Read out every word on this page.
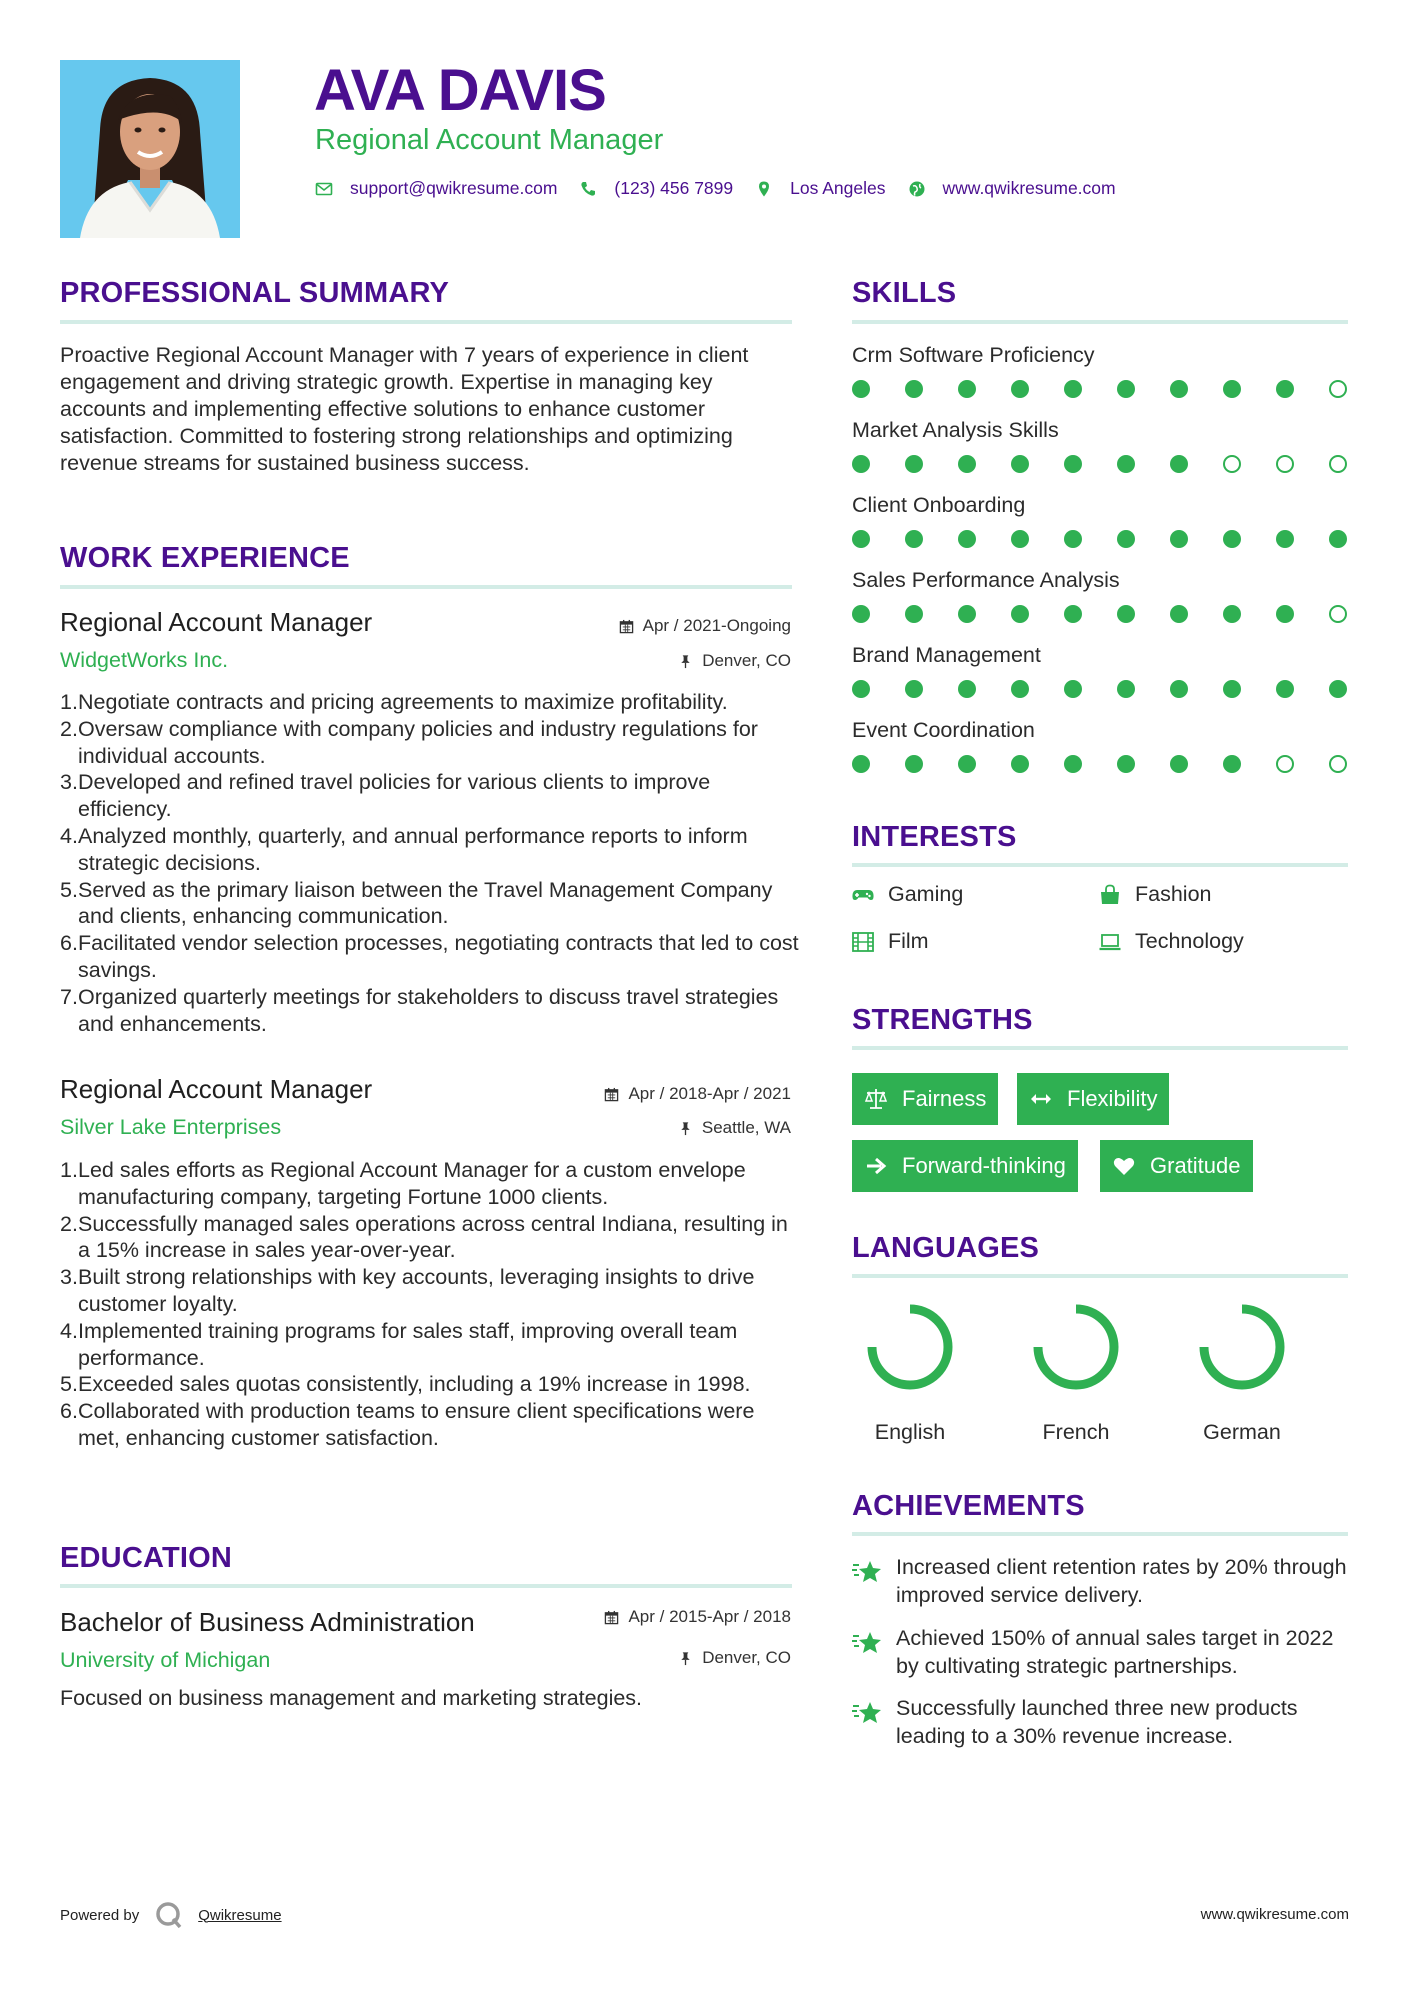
AVA DAVIS
Regional Account Manager
support@qwikresume.com	(123) 456 7899	Los Angeles	www.qwikresume.com
PROFESSIONAL SUMMARY
Proactive Regional Account Manager with 7 years of experience in client engagement and driving strategic growth. Expertise in managing key accounts and implementing effective solutions to enhance customer satisfaction. Committed to fostering strong relationships and optimizing revenue streams for sustained business success.
WORK EXPERIENCE
Regional Account Manager	Apr / 2021-Ongoing
WidgetWorks Inc.	Denver, CO
1. Negotiate contracts and pricing agreements to maximize profitability.
2. Oversaw compliance with company policies and industry regulations for individual accounts.
3. Developed and refined travel policies for various clients to improve efficiency.
4. Analyzed monthly, quarterly, and annual performance reports to inform strategic decisions.
5. Served as the primary liaison between the Travel Management Company and clients, enhancing communication.
6. Facilitated vendor selection processes, negotiating contracts that led to cost savings.
7. Organized quarterly meetings for stakeholders to discuss travel strategies and enhancements.
Regional Account Manager	Apr / 2018-Apr / 2021
Silver Lake Enterprises	Seattle, WA
1. Led sales efforts as Regional Account Manager for a custom envelope manufacturing company, targeting Fortune 1000 clients.
2. Successfully managed sales operations across central Indiana, resulting in a 15% increase in sales year-over-year.
3. Built strong relationships with key accounts, leveraging insights to drive customer loyalty.
4. Implemented training programs for sales staff, improving overall team performance.
5. Exceeded sales quotas consistently, including a 19% increase in 1998.
6. Collaborated with production teams to ensure client specifications were met, enhancing customer satisfaction.
EDUCATION
Bachelor of Business Administration	Apr / 2015-Apr / 2018
University of Michigan	Denver, CO
Focused on business management and marketing strategies.
SKILLS
Crm Software Proficiency
Market Analysis Skills
Client Onboarding
Sales Performance Analysis
Brand Management
Event Coordination
INTERESTS
Gaming	Fashion
Film	Technology
STRENGTHS
Fairness	Flexibility
Forward-thinking	Gratitude
LANGUAGES
English	French	German
ACHIEVEMENTS
Increased client retention rates by 20% through improved service delivery.
Achieved 150% of annual sales target in 2022 by cultivating strategic partnerships.
Successfully launched three new products leading to a 30% revenue increase.
Powered by	Qwikresume	www.qwikresume.com
